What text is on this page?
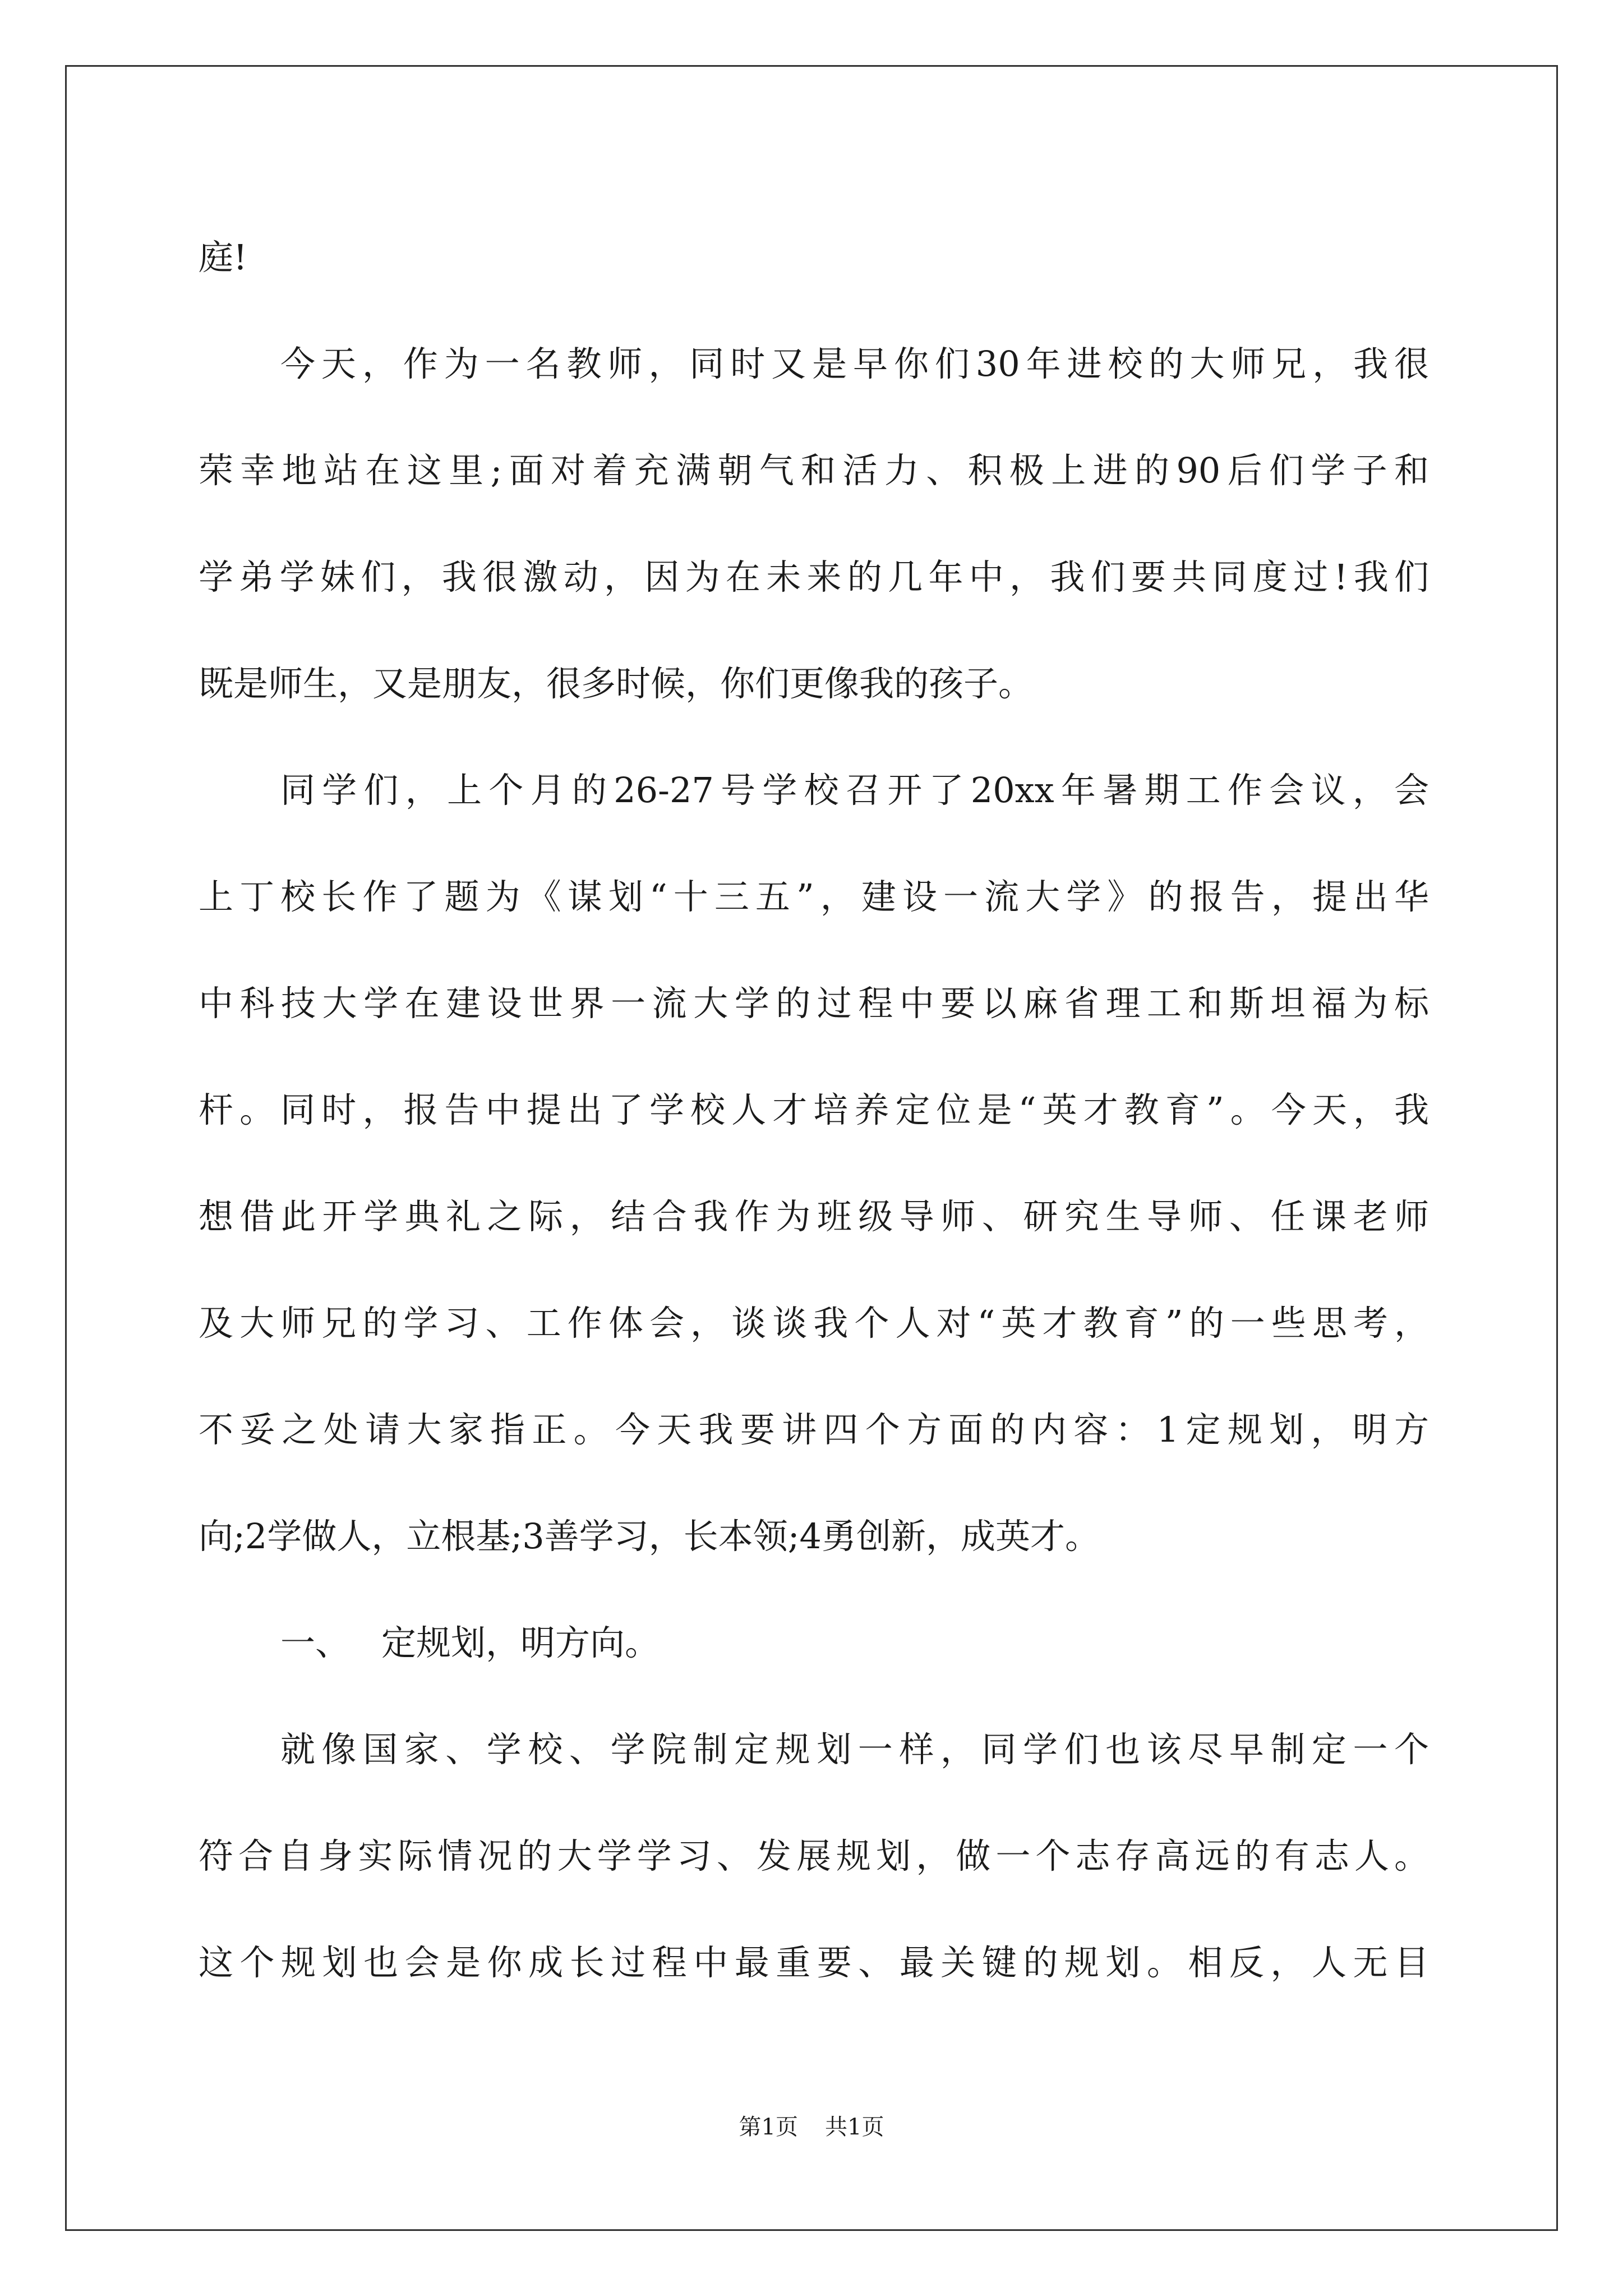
庭!
今天，作为一名教师，同时又是早你们30年进校的大师兄，我很
荣幸地站在这里;面对着充满朝气和活力、积极上进的90后们学子和
学弟学妹们，我很激动，因为在未来的几年中，我们要共同度过!我们
既是师生，又是朋友，很多时候，你们更像我的孩子。
同学们，上个月的26-27号学校召开了20xx年暑期工作会议，会
上丁校长作了题为《谋划“十三五”，建设一流大学》的报告，提出华
中科技大学在建设世界一流大学的过程中要以麻省理工和斯坦福为标
杆。同时，报告中提出了学校人才培养定位是“英才教育”。今天，我
想借此开学典礼之际，结合我作为班级导师、研究生导师、任课老师
及大师兄的学习、工作体会，谈谈我个人对“英才教育”的一些思考，
不妥之处请大家指正。今天我要讲四个方面的内容：1定规划，明方
向;2学做人，立根基;3善学习，长本领;4勇创新，成英才。
一、 定规划，明方向。
就像国家、学校、学院制定规划一样，同学们也该尽早制定一个
符合自身实际情况的大学学习、发展规划，做一个志存高远的有志人。
这个规划也会是你成长过程中最重要、最关键的规划。相反，人无目
第1页 共1页
